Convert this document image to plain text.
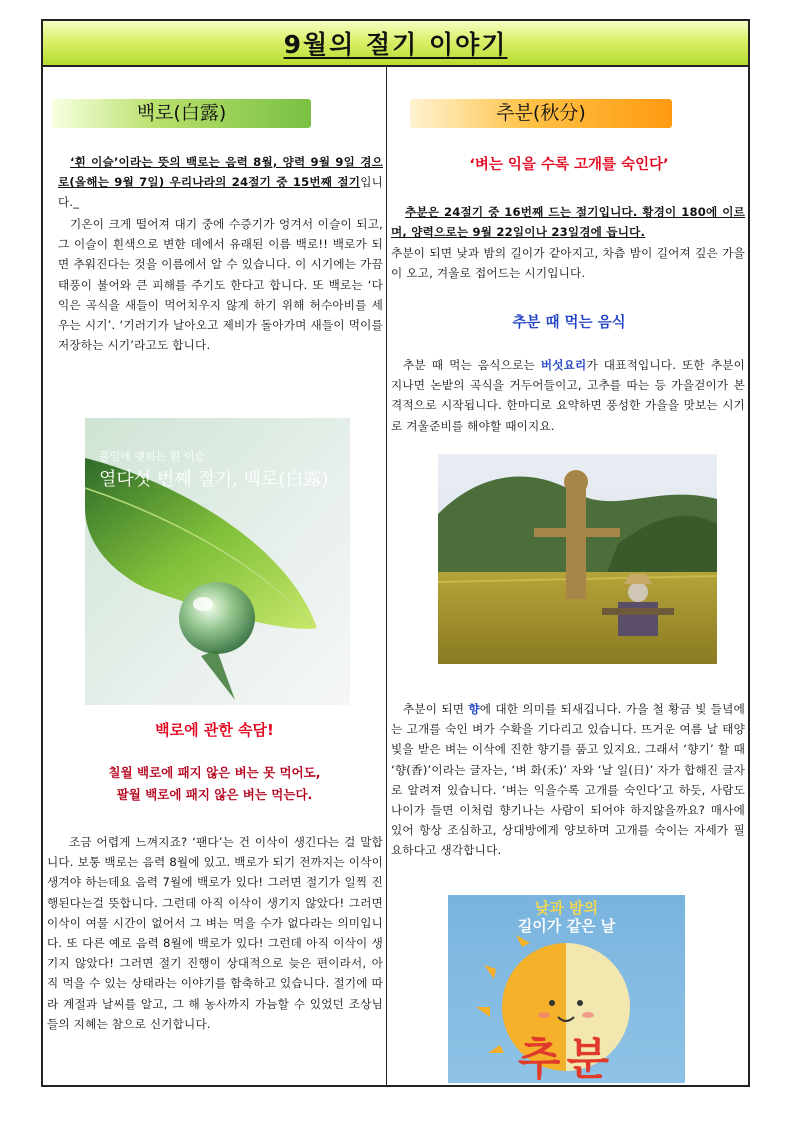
9월의 절기 이야기
백로(白露)
‘흰 이슬’이라는 뜻의 백로는 음력 8월, 양력 9월 9일 경으로(올해는 9월 7일) 우리나라의 24절기 중 15번째 절기입니다._
기온이 크게 떨어져 대기 중에 수증기가 엉겨서 이슬이 되고, 그 이슬이 흰색으로 변한 데에서 유래된 이름 백로!! 백로가 되면 추워진다는 것을 이름에서 알 수 있습니다. 이 시기에는 가끔 태풍이 불어와 큰 피해를 주기도 한다고 합니다. 또 백로는 ‘다 익은 곡식을 새들이 먹어치우지 않게 하기 위해 허수아비를 세우는 시기’. ‘기러기가 날아오고 제비가 돌아가며 새들이 먹이를 저장하는 시기’라고도 합니다.
풀잎에 맺히는 흰 이슬
열다섯 번째 절기, 백로(白露)
백로에 관한 속담!
칠월 백로에 패지 않은 벼는 못 먹어도,
팔월 백로에 패지 않은 벼는 먹는다.
조금 어렵게 느껴지죠? ‘팬다’는 건 이삭이 생긴다는 걸 말합니다. 보통 백로는 음력 8월에 있고. 백로가 되기 전까지는 이삭이 생겨야 하는데요 음력 7월에 백로가 있다! 그러면 절기가 일찍 진행된다는걸 뜻합니다. 그런데 아직 이삭이 생기지 않았다! 그러면 이삭이 여물 시간이 없어서 그 벼는 먹을 수가 없다라는 의미입니다. 또 다른 예로 음력 8월에 백로가 있다! 그런데 아직 이삭이 생기지 않았다! 그러면 절기 진행이 상대적으로 늦은 편이라서, 아직 먹을 수 있는 상태라는 이야기를 함축하고 있습니다. 절기에 따라 계절과 날씨를 알고, 그 해 농사까지 가늠할 수 있었던 조상님들의 지혜는 참으로 신기합니다.
추분(秋分)
‘벼는 익을 수록 고개를 숙인다’
추분은 24절기 중 16번째 드는 절기입니다. 황경이 180에 이르며, 양력으로는 9월 22일이나 23일경에 듭니다.
추분이 되면 낮과 밤의 길이가 같아지고, 차츰 밤이 길어져 깊은 가을이 오고, 겨울로 접어드는 시기입니다.
추분 때 먹는 음식
추분 때 먹는 음식으로는 버섯요리가 대표적입니다. 또한 추분이 지나면 논밭의 곡식을 거두어들이고, 고추를 따는 등 가을걷이가 본격적으로 시작됩니다. 한마디로 요약하면 풍성한 가을을 맛보는 시기로 겨울준비를 해야할 때이지요.
추분이 되면 향에 대한 의미를 되새깁니다. 가을 철 황금 빛 들녘에는 고개를 숙인 벼가 수확을 기다리고 있습니다. 뜨거운 여름 날 태양 빛을 받은 벼는 이삭에 진한 향기를 품고 있지요. 그래서 ‘향기’ 할 때 ‘향(香)’이라는 글자는, ‘벼 화(禾)’ 자와 ‘날 일(日)’ 자가 합해진 글자로 알려져 있습니다. ‘벼는 익을수록 고개를 숙인다’고 하듯, 사람도 나이가 들면 이처럼 향기나는 사람이 되어야 하지않을까요? 매사에 있어 항상 조심하고, 상대방에게 양보하며 고개를 숙이는 자세가 필요하다고 생각합니다.
낮과 밤의
길이가 같은 날
추분
